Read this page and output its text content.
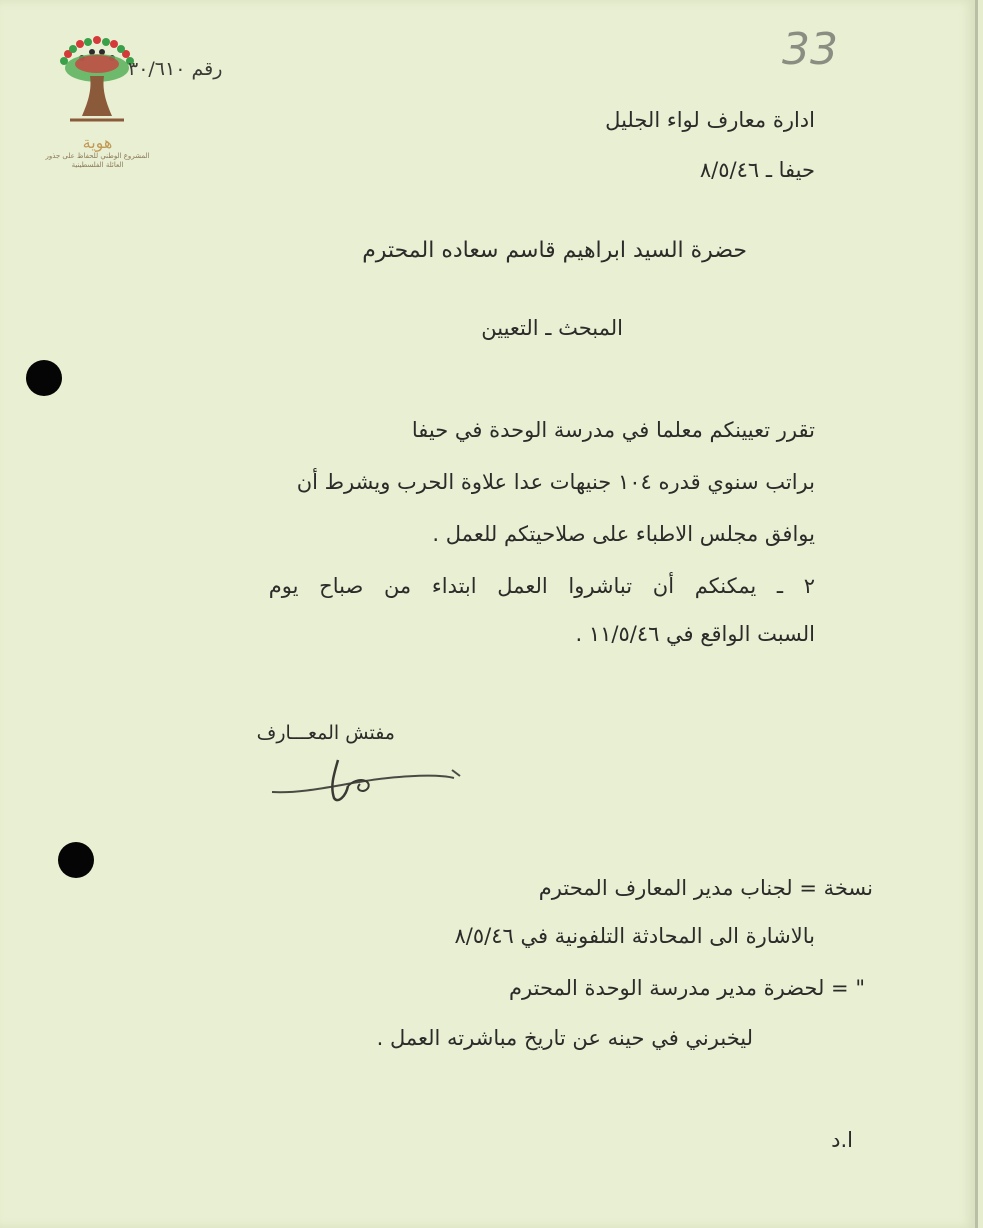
هوية
المشروع الوطني للحفاظ على جذور العائلة الفلسطينية
رقم ٣٠/٦١٠	33
ادارة معارف لواء الجليل
حيفا ـ ٨/٥/٤٦
حضرة السيد ابراهيم قاسم سعاده المحترم
المبحث ـ التعيين
تقرر تعيينكم معلما في مدرسة الوحدة في حيفا
براتب سنوي قدره ١٠٤ جنيهات عدا علاوة الحرب ويشرط أن
يوافق مجلس الاطباء على صلاحيتكم للعمل .
٢ ـ يمكنكم أن تباشروا العمل ابتداء من صباح يوم
السبت الواقع في ١١/٥/٤٦ .
مفتش المعـــارف
نسخة = لجناب مدير المعارف المحترم
بالاشارة الى المحادثة التلفونية في ٨/٥/٤٦
" = لحضرة مدير مدرسة الوحدة المحترم
ليخبرني في حينه عن تاريخ مباشرته العمل .
ا.د
